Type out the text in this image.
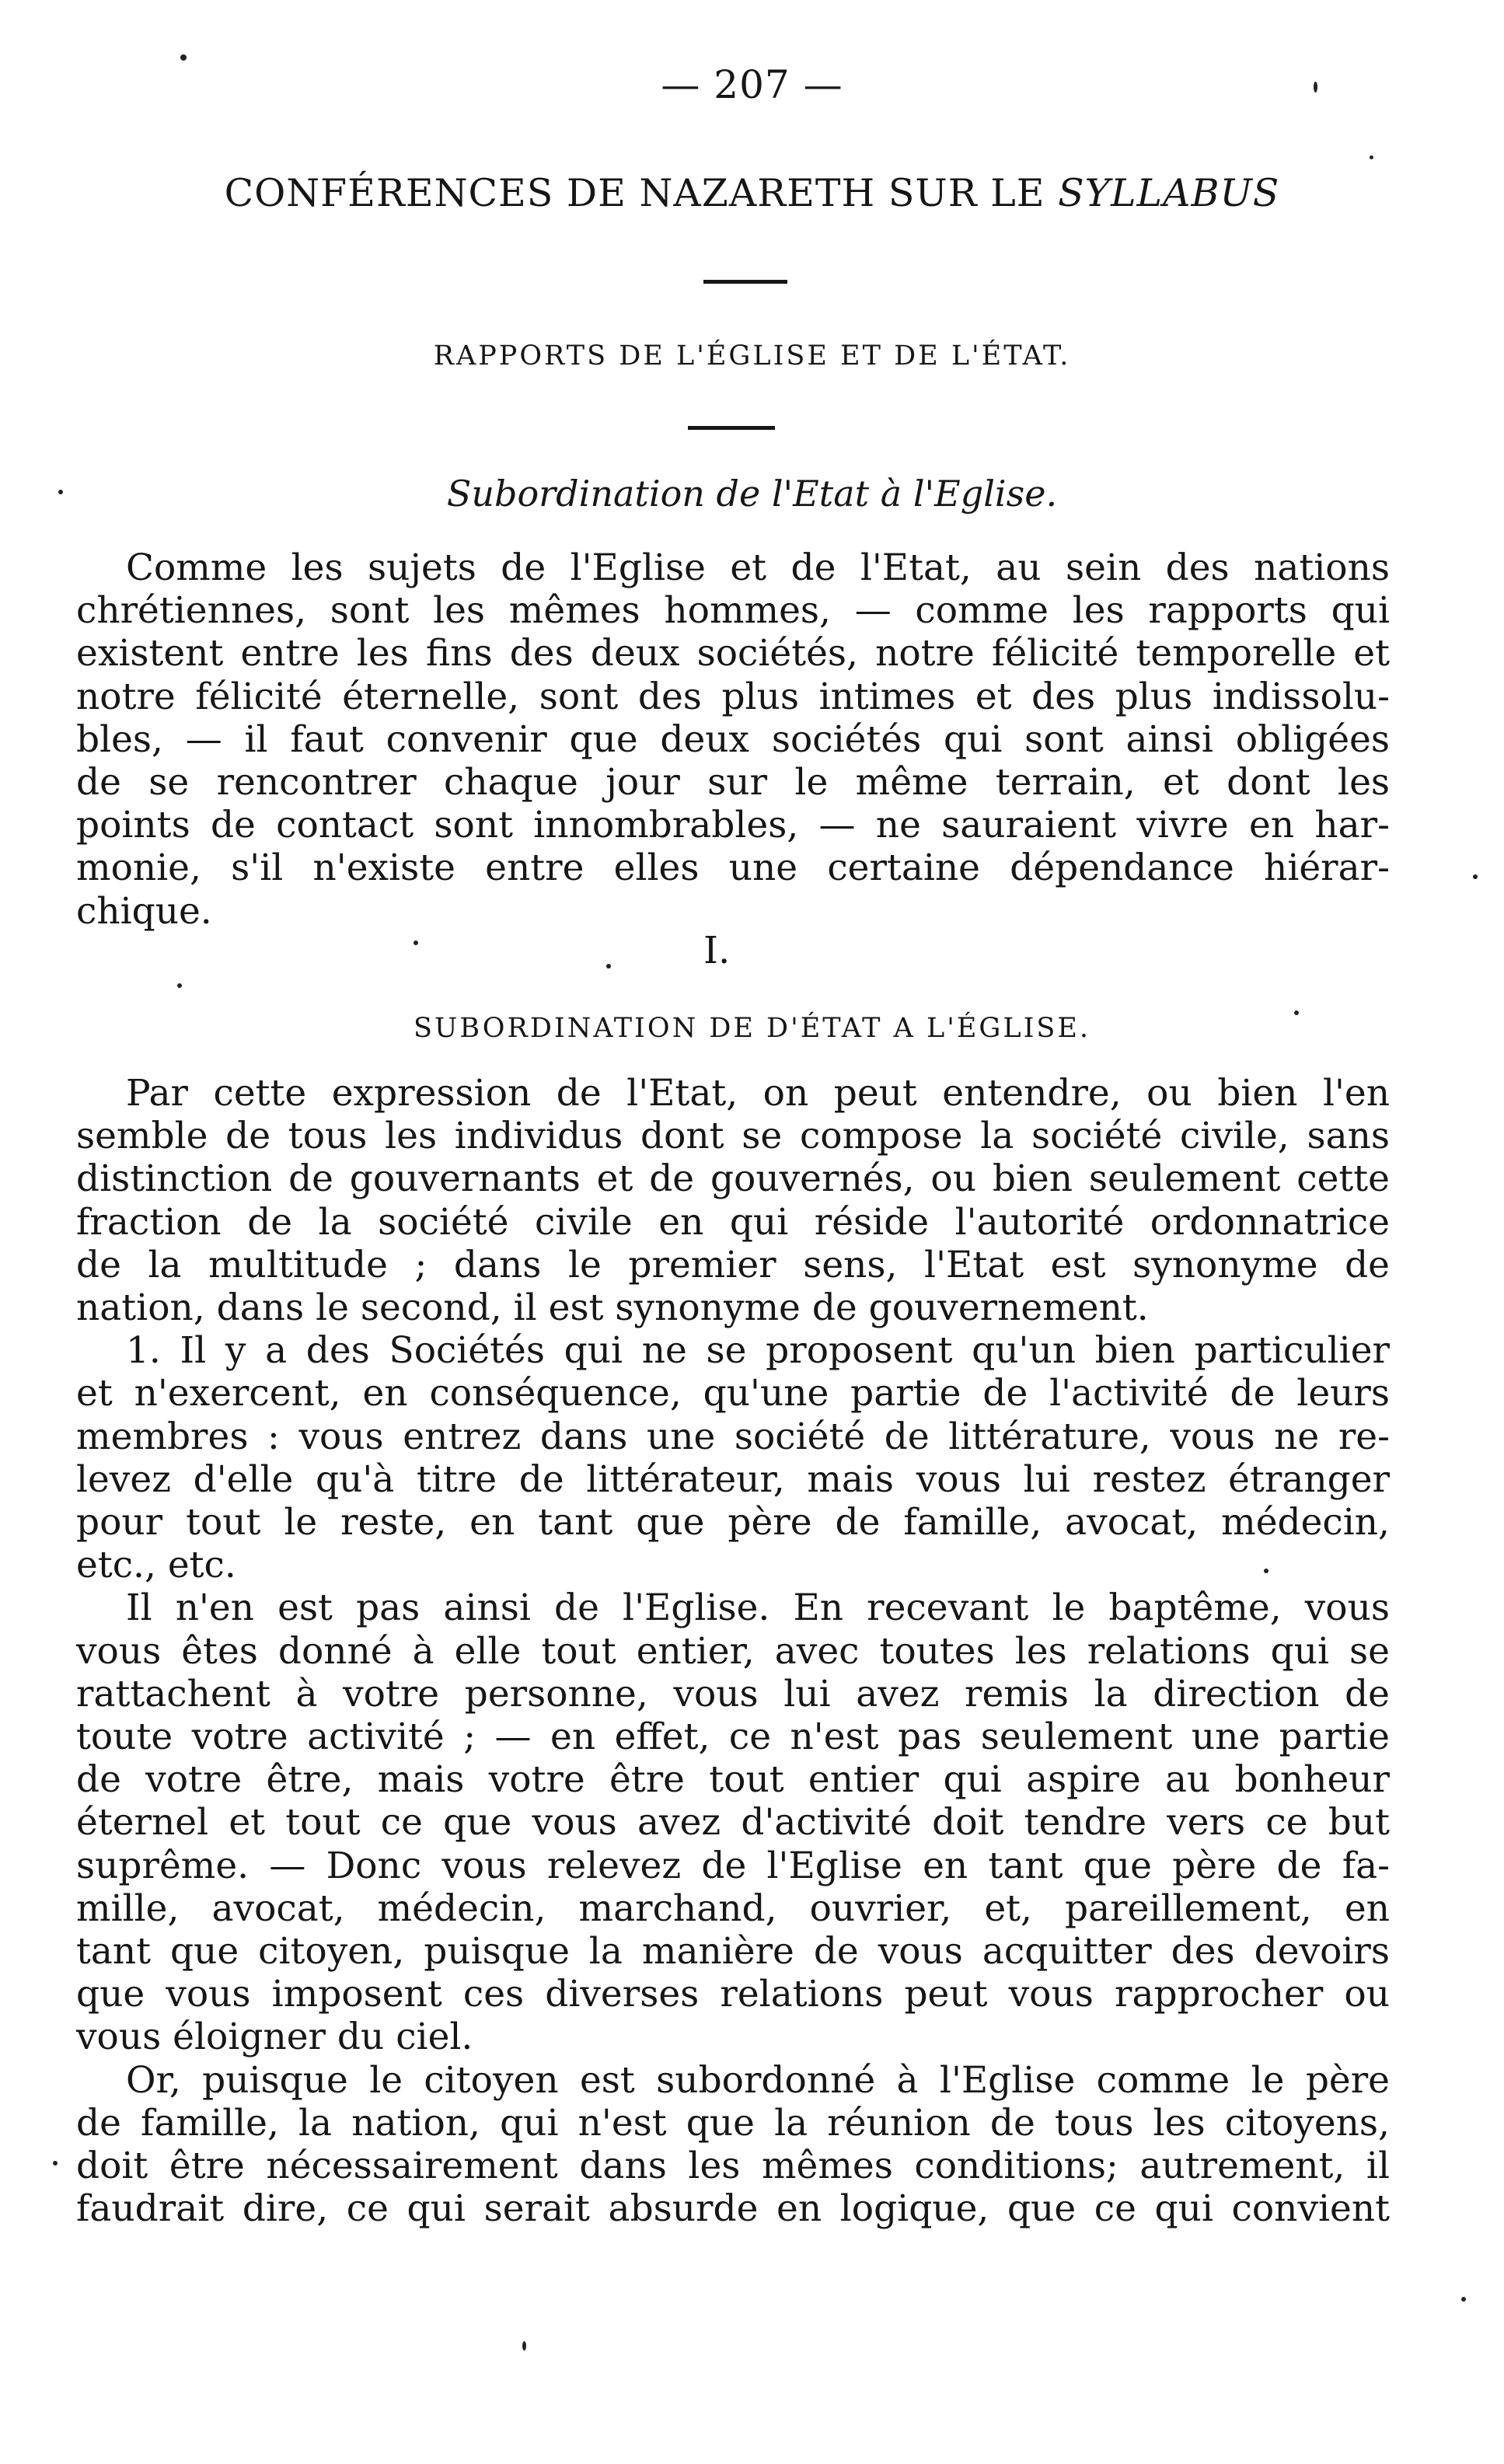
— 207 —
CONFÉRENCES DE NAZARETH SUR LE SYLLABUS
RAPPORTS DE L'ÉGLISE ET DE L'ÉTAT.
Subordination de l'Etat à l'Eglise.
Comme les sujets de l'Eglise et de l'Etat, au sein des nations
chrétiennes, sont les mêmes hommes, — comme les rapports qui
existent entre les fins des deux sociétés, notre félicité temporelle et
notre félicité éternelle, sont des plus intimes et des plus indissolu-
bles, — il faut convenir que deux sociétés qui sont ainsi obligées
de se rencontrer chaque jour sur le même terrain, et dont les
points de contact sont innombrables, — ne sauraient vivre en har-
monie, s'il n'existe entre elles une certaine dépendance hiérar-
chique.
I.
SUBORDINATION DE D'ÉTAT A L'ÉGLISE.
Par cette expression de l'Etat, on peut entendre, ou bien l'en
semble de tous les individus dont se compose la société civile, sans
distinction de gouvernants et de gouvernés, ou bien seulement cette
fraction de la société civile en qui réside l'autorité ordonnatrice
de la multitude ; dans le premier sens, l'Etat est synonyme de
nation, dans le second, il est synonyme de gouvernement.
1. Il y a des Sociétés qui ne se proposent qu'un bien particulier
et n'exercent, en conséquence, qu'une partie de l'activité de leurs
membres : vous entrez dans une société de littérature, vous ne re-
levez d'elle qu'à titre de littérateur, mais vous lui restez étranger
pour tout le reste, en tant que père de famille, avocat, médecin,
etc., etc.
Il n'en est pas ainsi de l'Eglise. En recevant le baptême, vous
vous êtes donné à elle tout entier, avec toutes les relations qui se
rattachent à votre personne, vous lui avez remis la direction de
toute votre activité ; — en effet, ce n'est pas seulement une partie
de votre être, mais votre être tout entier qui aspire au bonheur
éternel et tout ce que vous avez d'activité doit tendre vers ce but
suprême. — Donc vous relevez de l'Eglise en tant que père de fa-
mille, avocat, médecin, marchand, ouvrier, et, pareillement, en
tant que citoyen, puisque la manière de vous acquitter des devoirs
que vous imposent ces diverses relations peut vous rapprocher ou
vous éloigner du ciel.
Or, puisque le citoyen est subordonné à l'Eglise comme le père
de famille, la nation, qui n'est que la réunion de tous les citoyens,
doit être nécessairement dans les mêmes conditions; autrement, il
faudrait dire, ce qui serait absurde en logique, que ce qui convient
